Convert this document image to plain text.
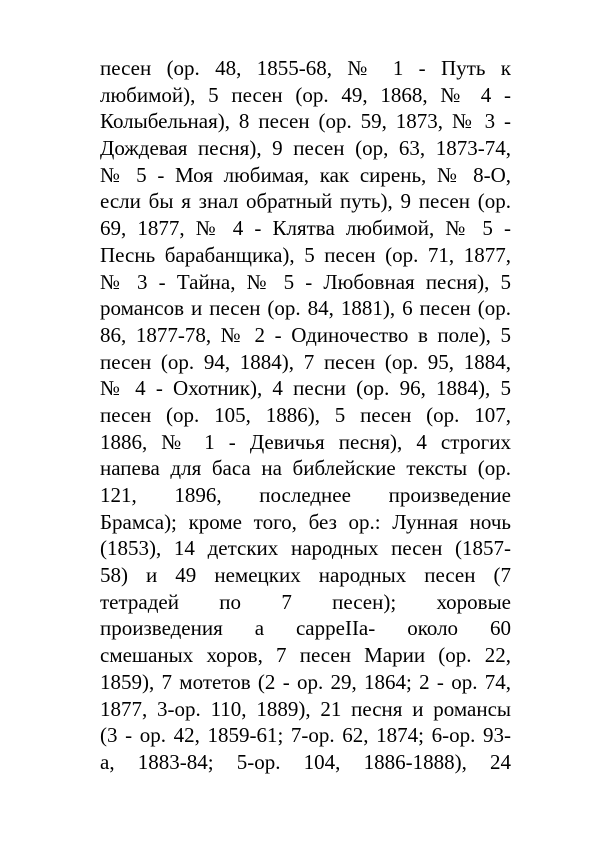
песен (ор. 48, 1855-68, № 1 - Путь к
любимой), 5 песен (ор. 49, 1868, № 4 -
Колыбельная), 8 песен (ор. 59, 1873, № 3 -
Дождевая песня), 9 песен (ор, 63, 1873-74,
№ 5 - Моя любимая, как сирень, № 8-О,
если бы я знал обратный путь), 9 песен (ор.
69, 1877, № 4 - Клятва любимой, № 5 -
Песнь барабанщика), 5 песен (ор. 71, 1877,
№ 3 - Тайна, № 5 - Любовная песня), 5
романсов и песен (ор. 84, 1881), 6 песен (ор.
86, 1877-78, № 2 - Одиночество в поле), 5
песен (ор. 94, 1884), 7 песен (ор. 95, 1884,
№ 4 - Охотник), 4 песни (ор. 96, 1884), 5
песен (ор. 105, 1886), 5 песен (ор. 107,
1886, № 1 - Девичья песня), 4 строгих
напева для баса на библейские тексты (ор.
121, 1896, последнее произведение
Брамса); кроме того, без ор.: Лунная ночь
(1853), 14 детских народных песен (1857-
58) и 49 немецких народных песен (7
тетрадей по 7 песен); хоровые
произведения а cappeIIa- около 60
смешаных хоров, 7 песен Марии (ор. 22,
1859), 7 мотетов (2 - ор. 29, 1864; 2 - ор. 74,
1877, 3-ор. 110, 1889), 21 песня и романсы
(3 - ор. 42, 1859-61; 7-ор. 62, 1874; 6-ор. 93-
а, 1883-84; 5-ор. 104, 1886-1888), 24
